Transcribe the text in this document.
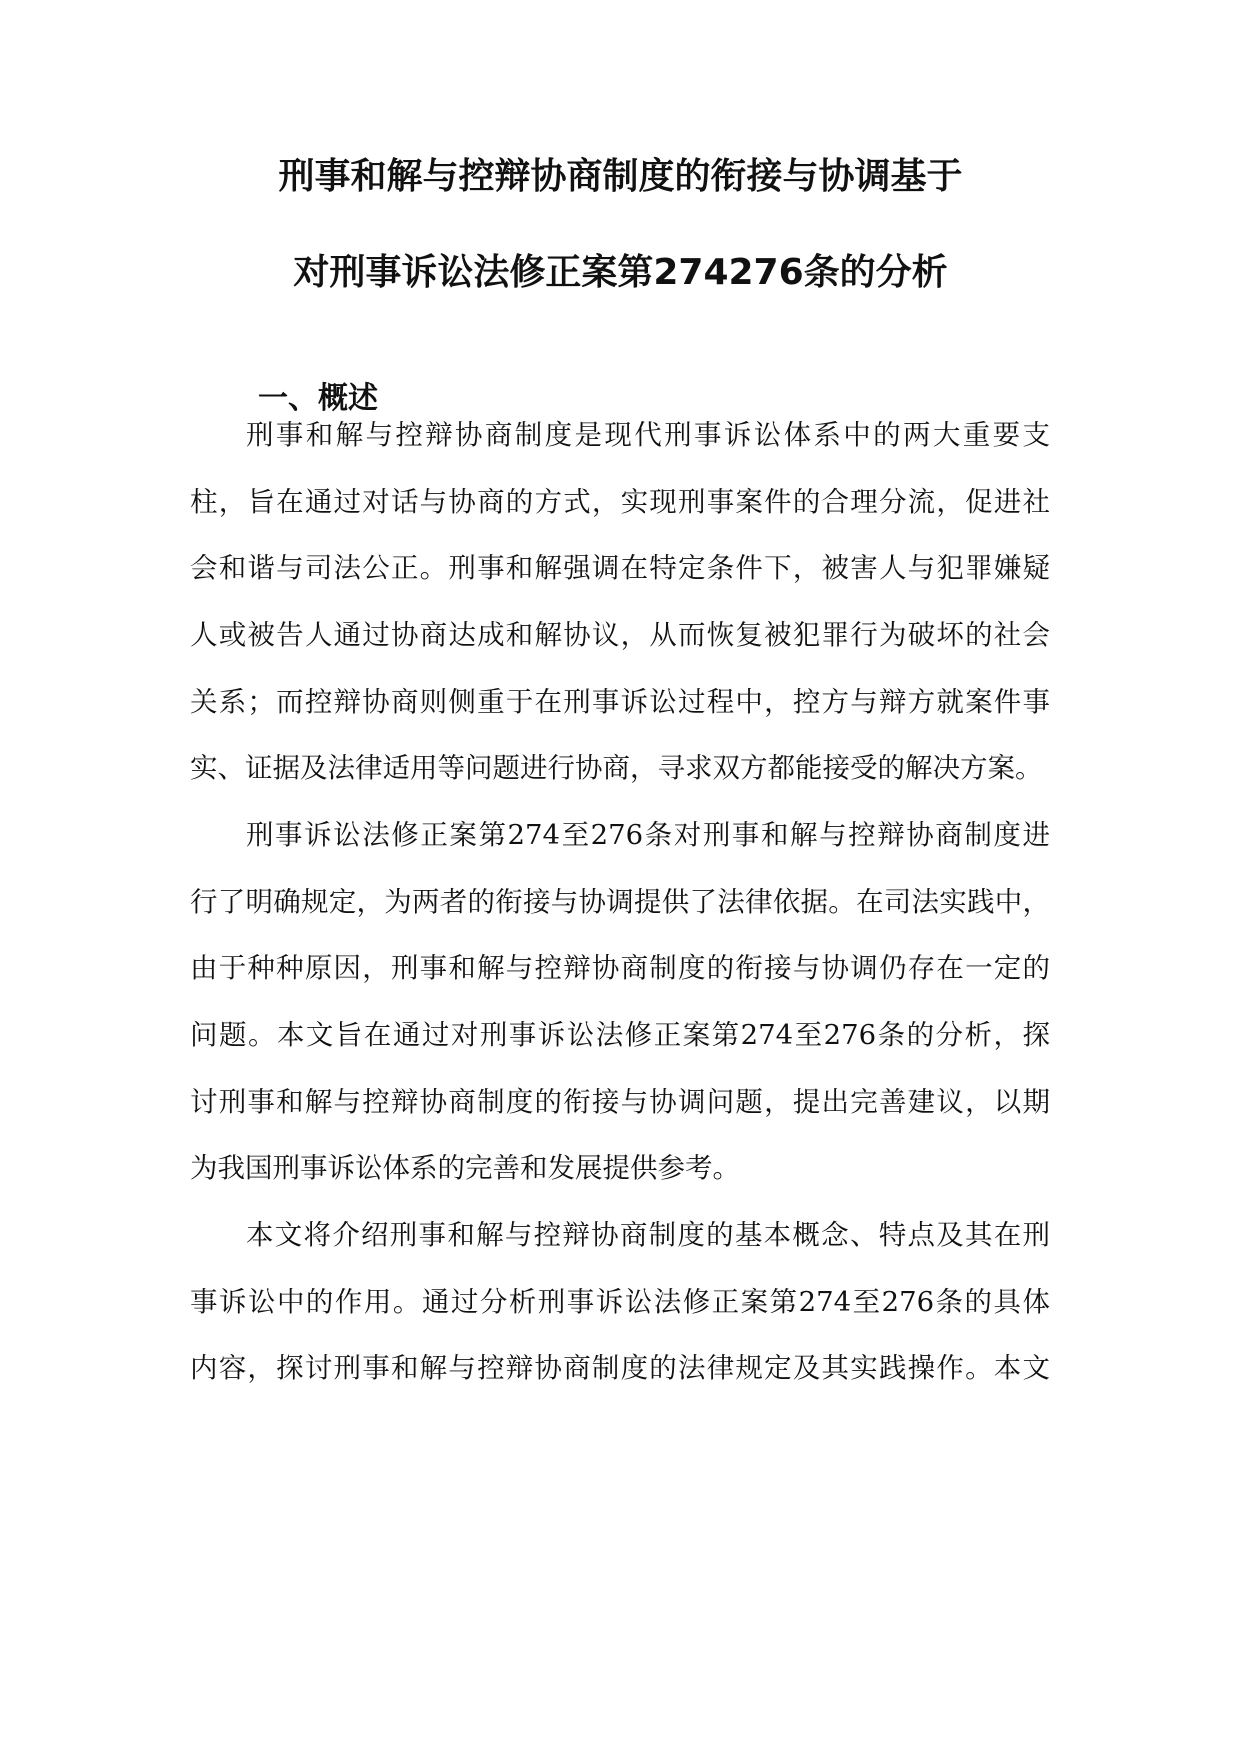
刑事和解与控辩协商制度的衔接与协调基于
对刑事诉讼法修正案第274276条的分析
一、概述
刑事和解与控辩协商制度是现代刑事诉讼体系中的两大重要支
柱，旨在通过对话与协商的方式，实现刑事案件的合理分流，促进社
会和谐与司法公正。刑事和解强调在特定条件下，被害人与犯罪嫌疑
人或被告人通过协商达成和解协议，从而恢复被犯罪行为破坏的社会
关系；而控辩协商则侧重于在刑事诉讼过程中，控方与辩方就案件事
实、证据及法律适用等问题进行协商，寻求双方都能接受的解决方案。
刑事诉讼法修正案第274至276条对刑事和解与控辩协商制度进
行了明确规定，为两者的衔接与协调提供了法律依据。在司法实践中，
由于种种原因，刑事和解与控辩协商制度的衔接与协调仍存在一定的
问题。本文旨在通过对刑事诉讼法修正案第274至276条的分析，探
讨刑事和解与控辩协商制度的衔接与协调问题，提出完善建议，以期
为我国刑事诉讼体系的完善和发展提供参考。
本文将介绍刑事和解与控辩协商制度的基本概念、特点及其在刑
事诉讼中的作用。通过分析刑事诉讼法修正案第274至276条的具体
内容，探讨刑事和解与控辩协商制度的法律规定及其实践操作。本文
